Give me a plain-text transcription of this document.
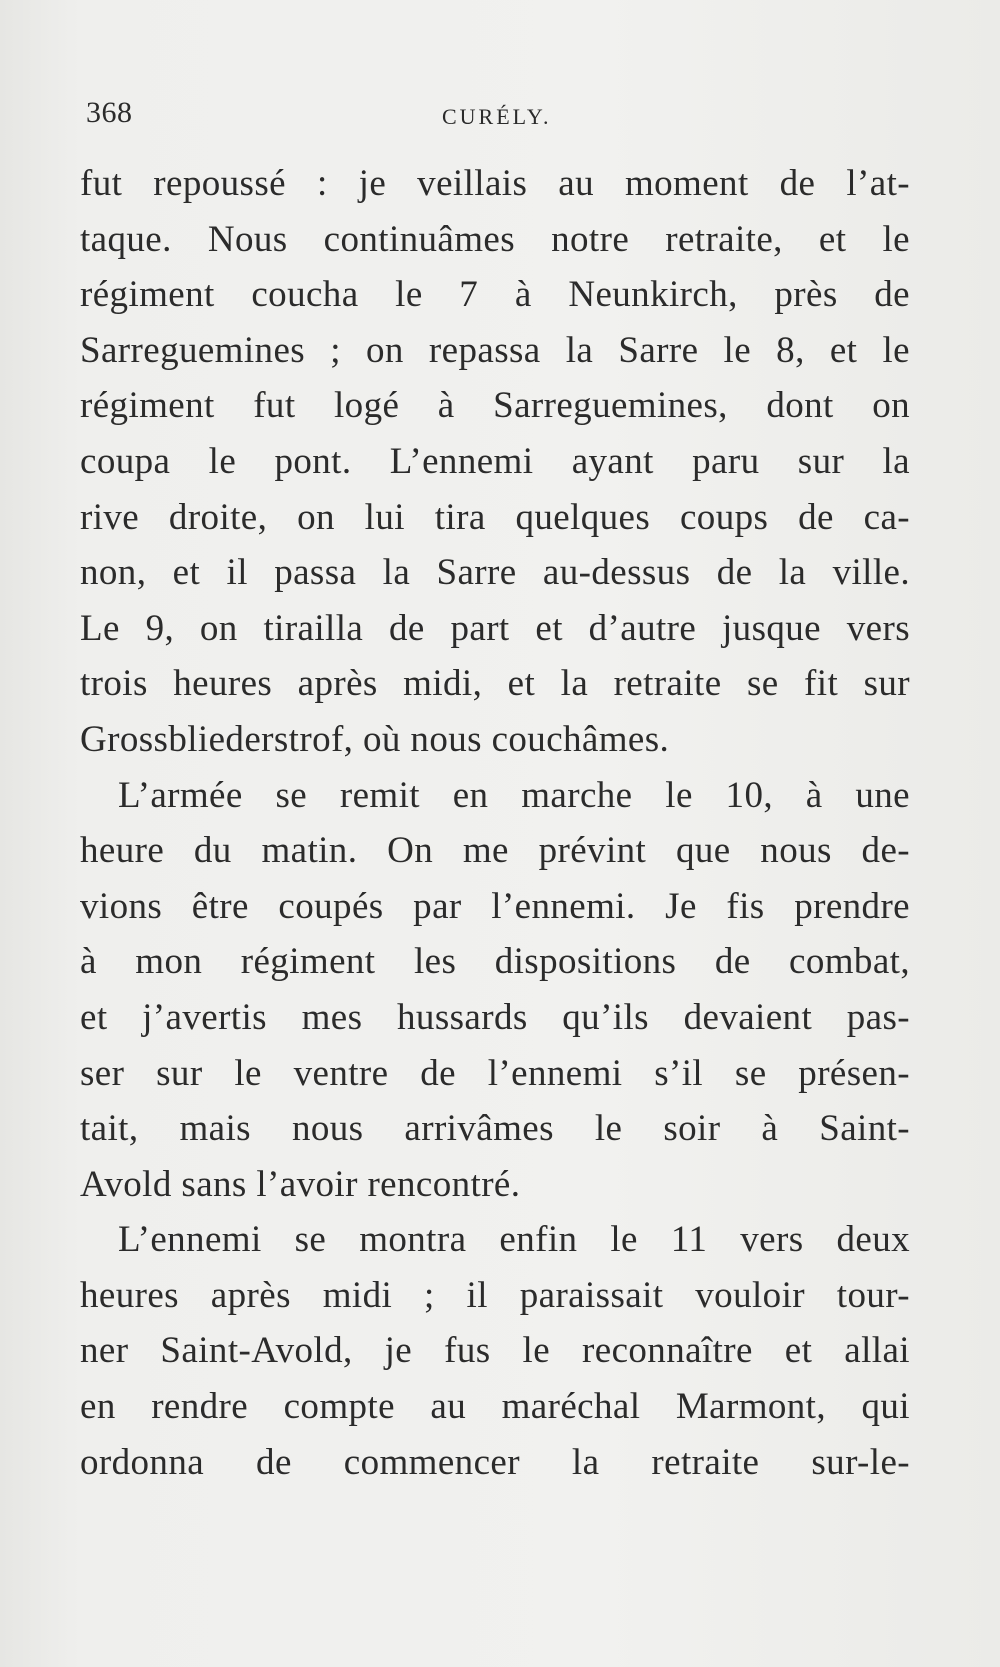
368	CURÉLY.
fut repoussé : je veillais au moment de l’at-
taque. Nous continuâmes notre retraite, et le
régiment coucha le 7 à Neunkirch, près de
Sarreguemines ; on repassa la Sarre le 8, et le
régiment fut logé à Sarreguemines, dont on
coupa le pont. L’ennemi ayant paru sur la
rive droite, on lui tira quelques coups de ca-
non, et il passa la Sarre au-dessus de la ville.
Le 9, on tirailla de part et d’autre jusque vers
trois heures après midi, et la retraite se fit sur
Grossbliederstrof, où nous couchâmes.
L’armée se remit en marche le 10, à une
heure du matin. On me prévint que nous de-
vions être coupés par l’ennemi. Je fis prendre
à mon régiment les dispositions de combat,
et j’avertis mes hussards qu’ils devaient pas-
ser sur le ventre de l’ennemi s’il se présen-
tait, mais nous arrivâmes le soir à Saint-
Avold sans l’avoir rencontré.
L’ennemi se montra enfin le 11 vers deux
heures après midi ; il paraissait vouloir tour-
ner Saint-Avold, je fus le reconnaître et allai
en rendre compte au maréchal Marmont, qui
ordonna de commencer la retraite sur-le-
